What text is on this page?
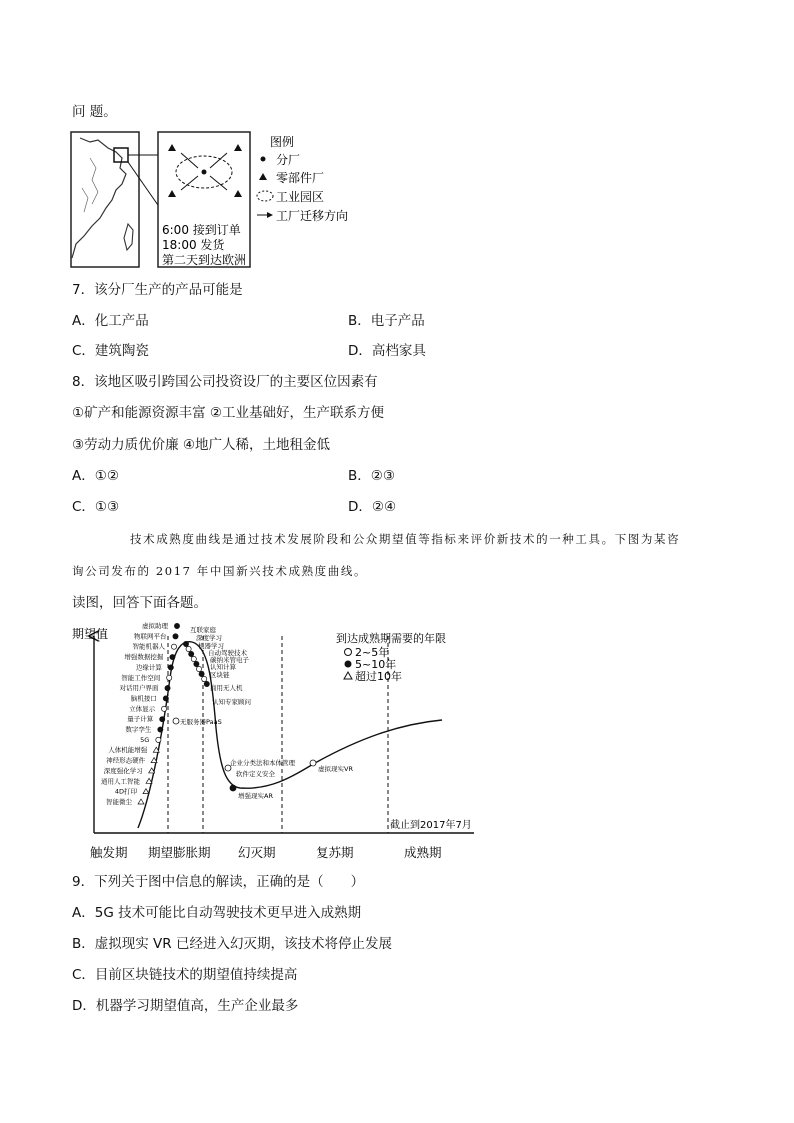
问 题。
6:00 接到订单
18:00 发货
第二天到达欧洲
图例
分厂
零部件厂
工业园区
工厂迁移方向
7．该分厂生产的产品可能是
A．化工产品	B．电子产品
C．建筑陶瓷	D．高档家具
8．该地区吸引跨国公司投资设厂的主要区位因素有
①矿产和能源资源丰富 ②工业基础好，生产联系方便
③劳动力质优价廉 ④地广人稀，土地租金低
A．①②	B．②③
C．①③	D．②④
技术成熟度曲线是通过技术发展阶段和公众期望值等指标来评价新技术的一种工具。下图为某咨
询公司发布的 2017 年中国新兴技术成熟度曲线。
读图，回答下面各题。
期望值
智能微尘
4D打印
通用人工智能
深度强化学习
神经形态硬件
人体机能增强
5G
数字孪生
量子计算
立体显示
脑机接口
对话用户界面
智能工作空间
边缘计算
增强数据挖掘
智能机器人
物联网平台
虚拟助理	互联家庭
深度学习
机器学习
自动驾驶技术
碳纳米管电子
认知计算
区块链
商用无人机
认知专家顾问
无服务器PaaS
企业分类法和本体管理
软件定义安全
增强现实AR
虚拟现实VR
到达成熟期需要的年限
2~5年
5~10年
超过10年
截止到2017年7月
触发期 期望膨胀期 幻灭期	复苏期	成熟期
9．下列关于图中信息的解读，正确的是（　　）
A．5G 技术可能比自动驾驶技术更早进入成熟期
B．虚拟现实 VR 已经进入幻灭期，该技术将停止发展
C．目前区块链技术的期望值持续提高
D．机器学习期望值高，生产企业最多
